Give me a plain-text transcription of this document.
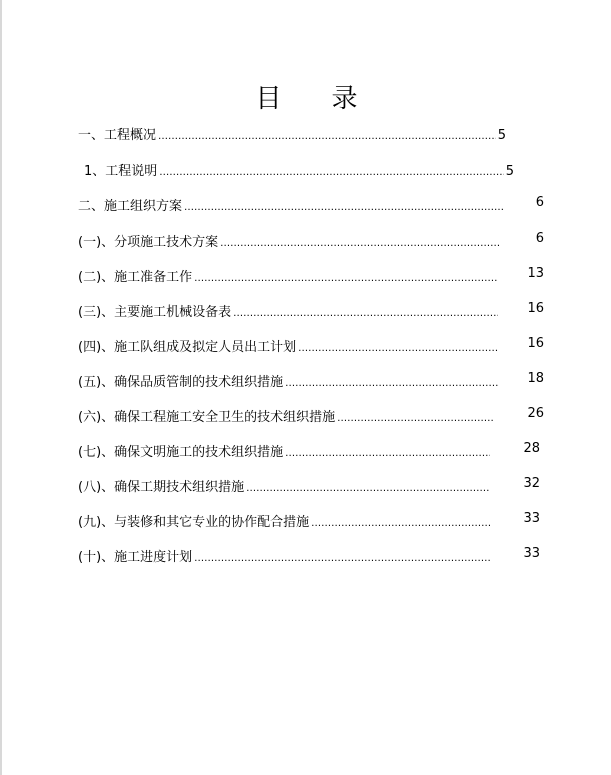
目 录
一、工程概况 …………………………………………………………………………………………………………………………………………………………………………………	5
1、工程说明 …………………………………………………………………………………………………………………………………………………………………………………	5
二、施工组织方案 …………………………………………………………………………………………………………………………………………………………………………………	6
(一)、分项施工技术方案 …………………………………………………………………………………………………………………………………………………………………………………	6
(二)、施工准备工作 …………………………………………………………………………………………………………………………………………………………………………………	13
(三)、主要施工机械设备表 …………………………………………………………………………………………………………………………………………………………………………………	16
(四)、施工队组成及拟定人员出工计划 …………………………………………………………………………………………………………………………………………………………………………………	16
(五)、确保品质管制的技术组织措施 …………………………………………………………………………………………………………………………………………………………………………………	18
(六)、确保工程施工安全卫生的技术组织措施 …………………………………………………………………………………………………………………………………………………………………………………	26
(七)、确保文明施工的技术组织措施 …………………………………………………………………………………………………………………………………………………………………………………	28
(八)、确保工期技术组织措施 …………………………………………………………………………………………………………………………………………………………………………………	32
(九)、与装修和其它专业的协作配合措施 …………………………………………………………………………………………………………………………………………………………………………………	33
(十)、施工进度计划 …………………………………………………………………………………………………………………………………………………………………………………	33
